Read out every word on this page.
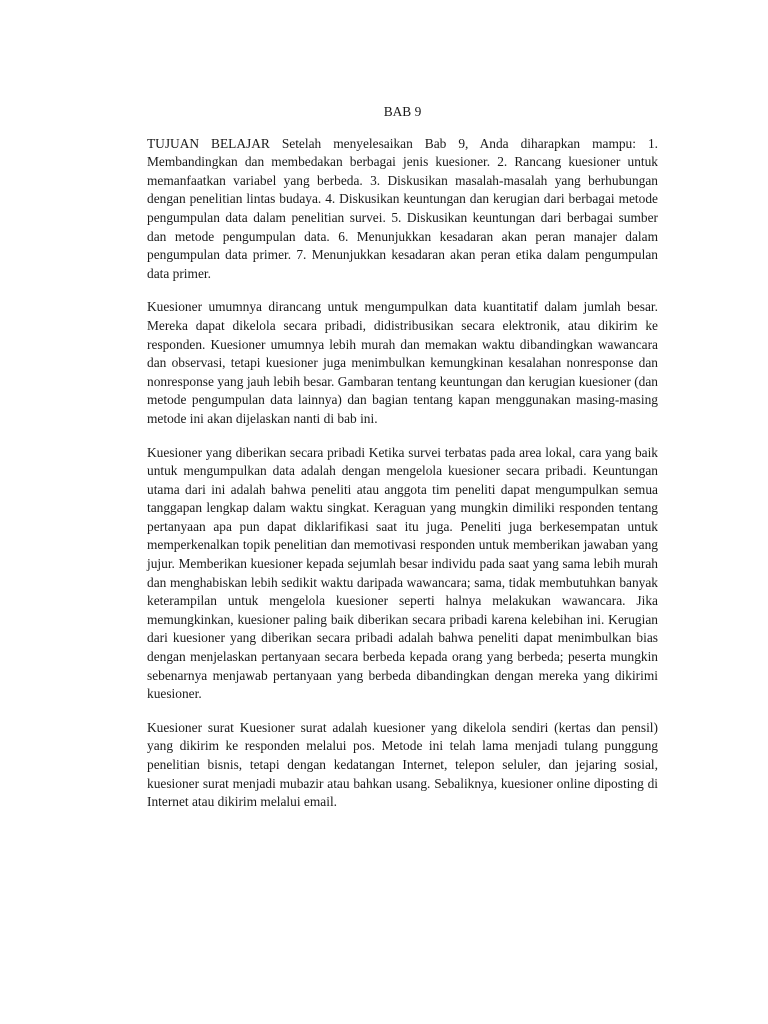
BAB 9

TUJUAN BELAJAR Setelah menyelesaikan Bab 9, Anda diharapkan mampu: 1. Membandingkan dan membedakan berbagai jenis kuesioner. 2. Rancang kuesioner untuk memanfaatkan variabel yang berbeda. 3. Diskusikan masalah-masalah yang berhubungan dengan penelitian lintas budaya. 4. Diskusikan keuntungan dan kerugian dari berbagai metode pengumpulan data dalam penelitian survei. 5. Diskusikan keuntungan dari berbagai sumber dan metode pengumpulan data. 6. Menunjukkan kesadaran akan peran manajer dalam pengumpulan data primer. 7. Menunjukkan kesadaran akan peran etika dalam pengumpulan data primer.

Kuesioner umumnya dirancang untuk mengumpulkan data kuantitatif dalam jumlah besar. Mereka dapat dikelola secara pribadi, didistribusikan secara elektronik, atau dikirim ke responden. Kuesioner umumnya lebih murah dan memakan waktu dibandingkan wawancara dan observasi, tetapi kuesioner juga menimbulkan kemungkinan kesalahan nonresponse dan nonresponse yang jauh lebih besar. Gambaran tentang keuntungan dan kerugian kuesioner (dan metode pengumpulan data lainnya) dan bagian tentang kapan menggunakan masing-masing metode ini akan dijelaskan nanti di bab ini.

Kuesioner yang diberikan secara pribadi Ketika survei terbatas pada area lokal, cara yang baik untuk mengumpulkan data adalah dengan mengelola kuesioner secara pribadi. Keuntungan utama dari ini adalah bahwa peneliti atau anggota tim peneliti dapat mengumpulkan semua tanggapan lengkap dalam waktu singkat. Keraguan yang mungkin dimiliki responden tentang pertanyaan apa pun dapat diklarifikasi saat itu juga. Peneliti juga berkesempatan untuk memperkenalkan topik penelitian dan memotivasi responden untuk memberikan jawaban yang jujur. Memberikan kuesioner kepada sejumlah besar individu pada saat yang sama lebih murah dan menghabiskan lebih sedikit waktu daripada wawancara; sama, tidak membutuhkan banyak keterampilan untuk mengelola kuesioner seperti halnya melakukan wawancara. Jika memungkinkan, kuesioner paling baik diberikan secara pribadi karena kelebihan ini. Kerugian dari kuesioner yang diberikan secara pribadi adalah bahwa peneliti dapat menimbulkan bias dengan menjelaskan pertanyaan secara berbeda kepada orang yang berbeda; peserta mungkin sebenarnya menjawab pertanyaan yang berbeda dibandingkan dengan mereka yang dikirimi kuesioner.

Kuesioner surat Kuesioner surat adalah kuesioner yang dikelola sendiri (kertas dan pensil) yang dikirim ke responden melalui pos. Metode ini telah lama menjadi tulang punggung penelitian bisnis, tetapi dengan kedatangan Internet, telepon seluler, dan jejaring sosial, kuesioner surat menjadi mubazir atau bahkan usang. Sebaliknya, kuesioner online diposting di Internet atau dikirim melalui email.
